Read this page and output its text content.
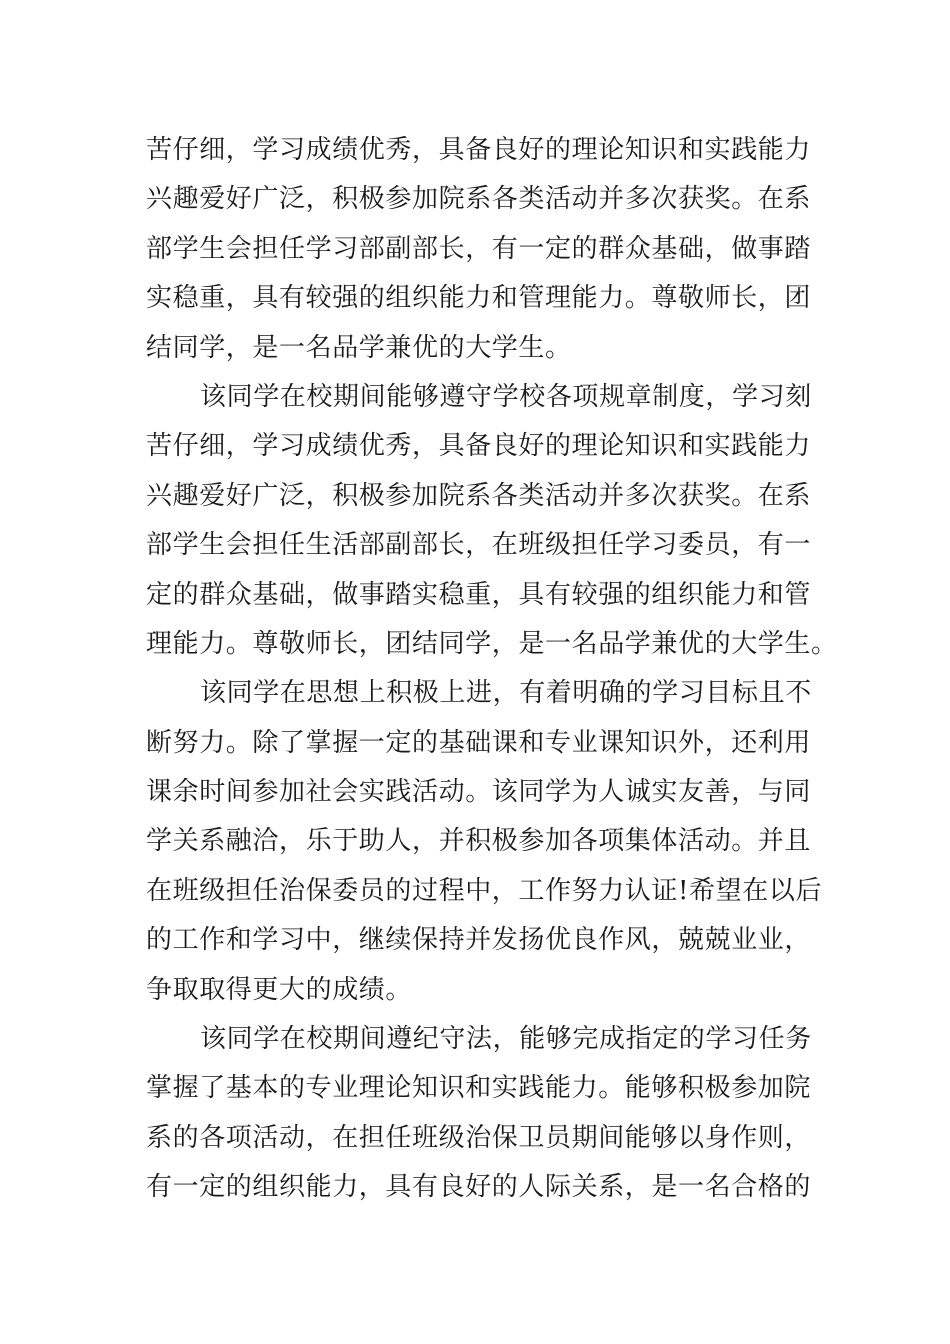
苦仔细，学习成绩优秀，具备良好的理论知识和实践能力
兴趣爱好广泛，积极参加院系各类活动并多次获奖。在系
部学生会担任学习部副部长，有一定的群众基础，做事踏
实稳重，具有较强的组织能力和管理能力。尊敬师长，团
结同学，是一名品学兼优的大学生。
该同学在校期间能够遵守学校各项规章制度，学习刻
苦仔细，学习成绩优秀，具备良好的理论知识和实践能力
兴趣爱好广泛，积极参加院系各类活动并多次获奖。在系
部学生会担任生活部副部长，在班级担任学习委员，有一
定的群众基础，做事踏实稳重，具有较强的组织能力和管
理能力。尊敬师长，团结同学，是一名品学兼优的大学生。
该同学在思想上积极上进，有着明确的学习目标且不
断努力。除了掌握一定的基础课和专业课知识外，还利用
课余时间参加社会实践活动。该同学为人诚实友善，与同
学关系融洽，乐于助人，并积极参加各项集体活动。并且
在班级担任治保委员的过程中，工作努力认证!希望在以后
的工作和学习中，继续保持并发扬优良作风，兢兢业业，
争取取得更大的成绩。
该同学在校期间遵纪守法，能够完成指定的学习任务
掌握了基本的专业理论知识和实践能力。能够积极参加院
系的各项活动，在担任班级治保卫员期间能够以身作则，
有一定的组织能力，具有良好的人际关系，是一名合格的
